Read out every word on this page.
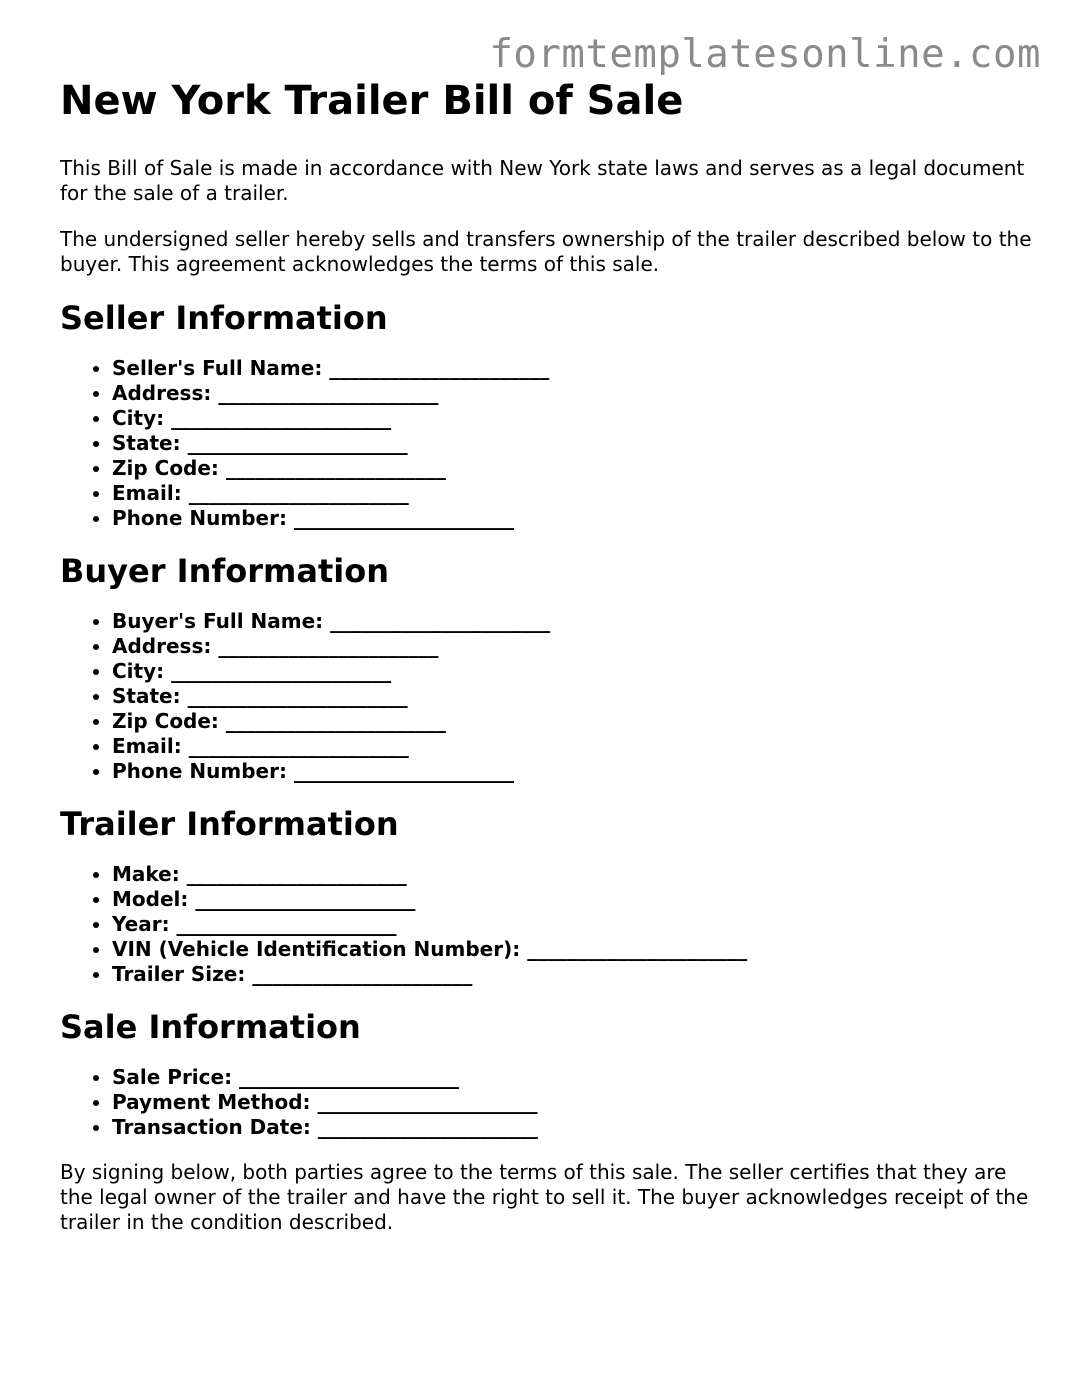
formtemplatesonline.com
New York Trailer Bill of Sale

This Bill of Sale is made in accordance with New York state laws and serves as a legal document for the sale of a trailer.

The undersigned seller hereby sells and transfers ownership of the trailer described below to the buyer. This agreement acknowledges the terms of this sale.

Seller Information
• Seller's Full Name: ______________________
• Address: ______________________
• City: ______________________
• State: ______________________
• Zip Code: ______________________
• Email: ______________________
• Phone Number: ______________________
Buyer Information
• Buyer's Full Name: ______________________
• Address: ______________________
• City: ______________________
• State: ______________________
• Zip Code: ______________________
• Email: ______________________
• Phone Number: ______________________
Trailer Information
• Make: ______________________
• Model: ______________________
• Year: ______________________
• VIN (Vehicle Identification Number): ______________________
• Trailer Size: ______________________
Sale Information
• Sale Price: ______________________
• Payment Method: ______________________
• Transaction Date: ______________________

By signing below, both parties agree to the terms of this sale. The seller certifies that they are the legal owner of the trailer and have the right to sell it. The buyer acknowledges receipt of the trailer in the condition described.
